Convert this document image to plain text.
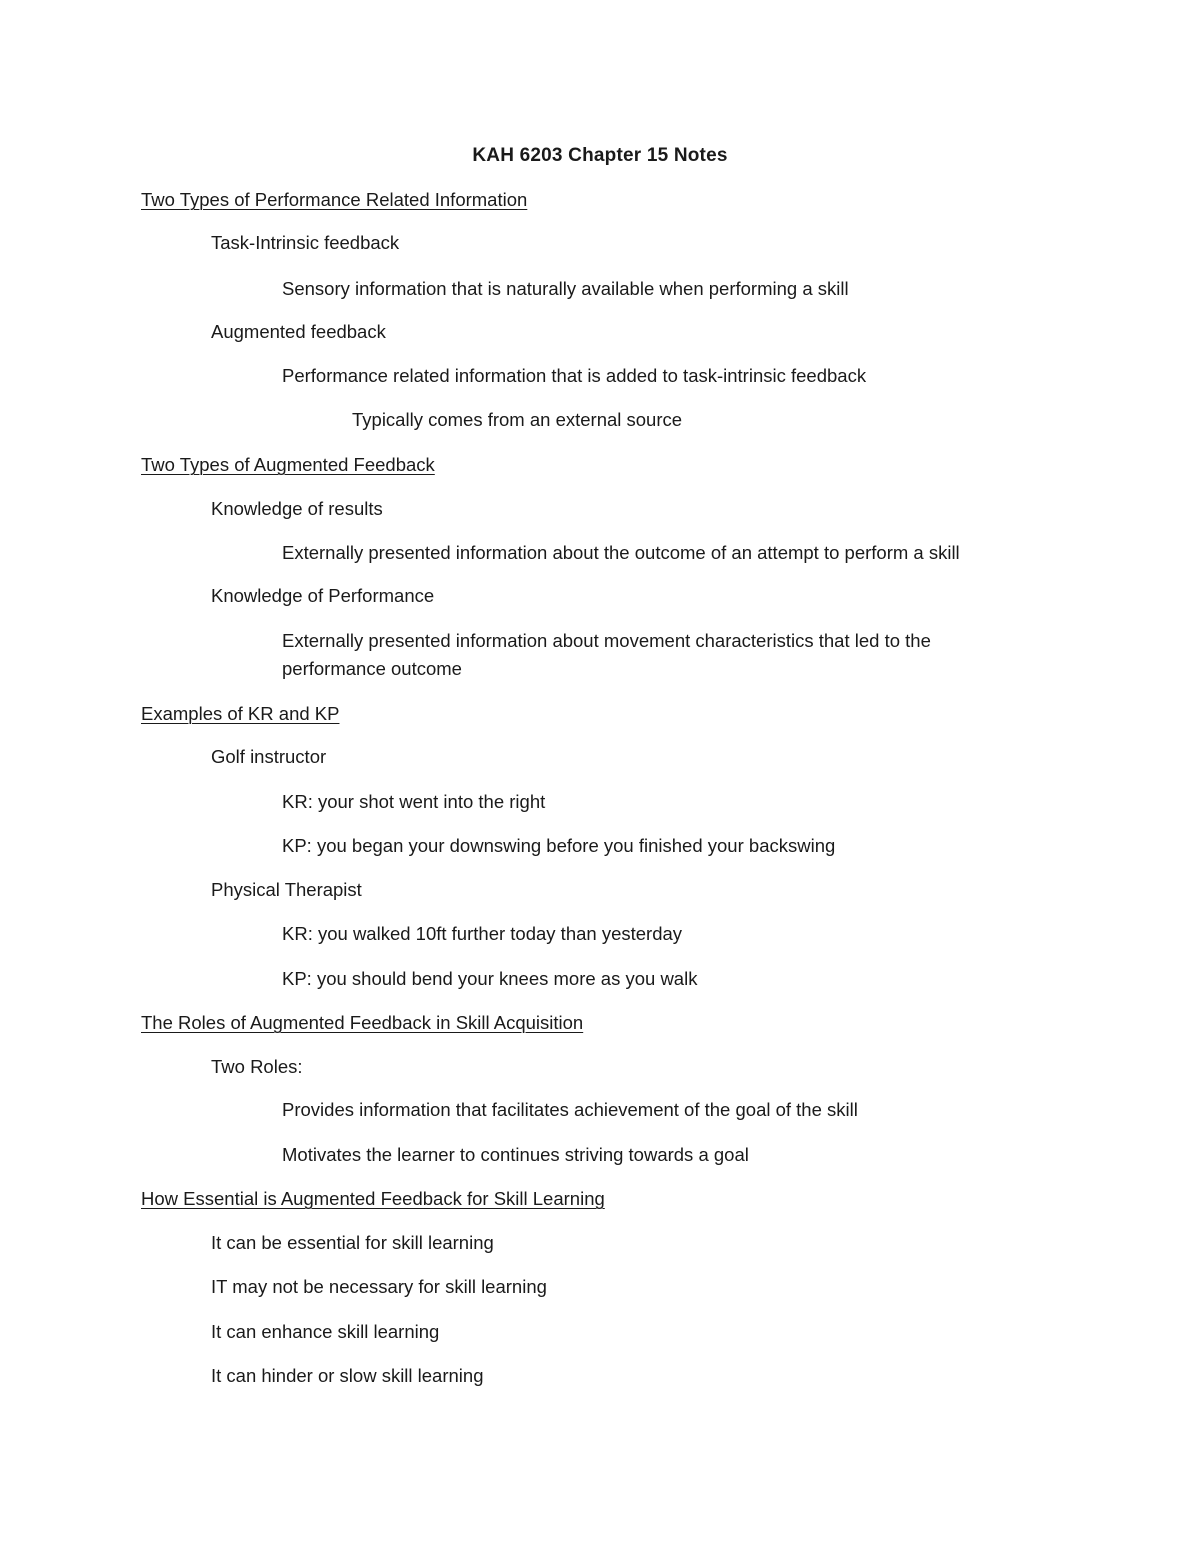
KAH 6203 Chapter 15 Notes
Two Types of Performance Related Information
Task-Intrinsic feedback
Sensory information that is naturally available when performing a skill
Augmented feedback
Performance related information that is added to task-intrinsic feedback
Typically comes from an external source
Two Types of Augmented Feedback
Knowledge of results
Externally presented information about the outcome of an attempt to perform a skill
Knowledge of Performance
Externally presented information about movement characteristics that led to the performance outcome
Examples of KR and KP
Golf instructor
KR: your shot went into the right
KP: you began your downswing before you finished your backswing
Physical Therapist
KR: you walked 10ft further today than yesterday
KP: you should bend your knees more as you walk
The Roles of Augmented Feedback in Skill Acquisition
Two Roles:
Provides information that facilitates achievement of the goal of the skill
Motivates the learner to continues striving towards a goal
How Essential is Augmented Feedback for Skill Learning
It can be essential for skill learning
IT may not be necessary for skill learning
It can enhance skill learning
It can hinder or slow skill learning
